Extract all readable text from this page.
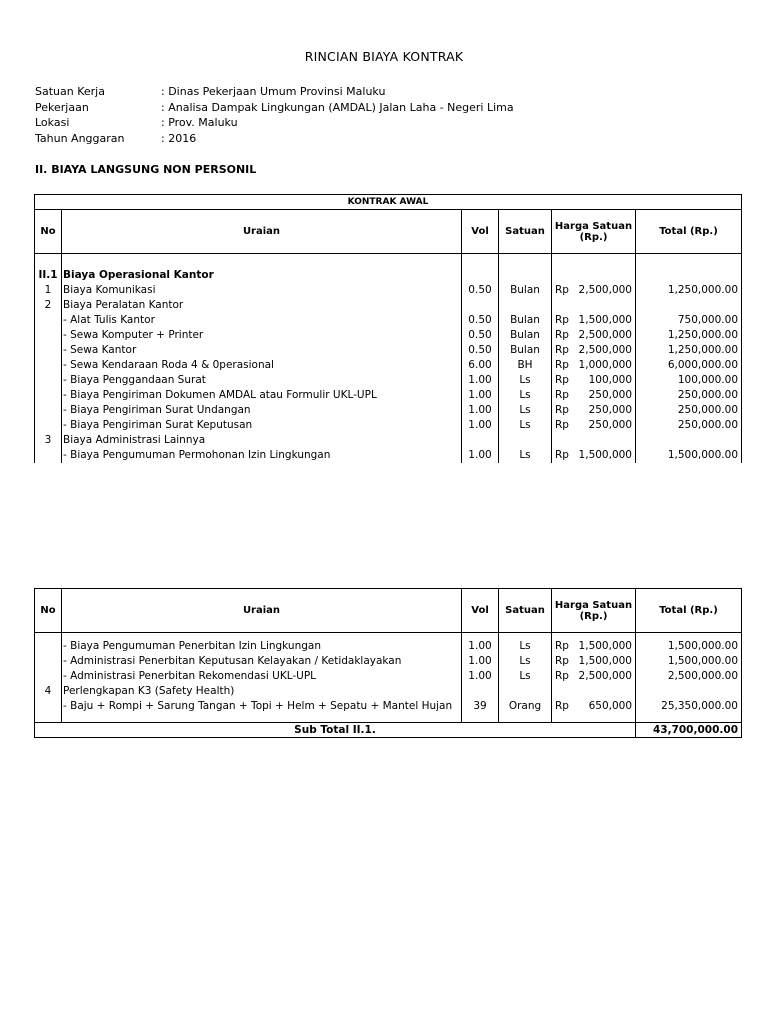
RINCIAN BIAYA KONTRAK
Satuan Kerja	: Dinas Pekerjaan Umum Provinsi Maluku
Pekerjaan	: Analisa Dampak Lingkungan (AMDAL) Jalan Laha - Negeri Lima
Lokasi	: Prov. Maluku
Tahun Anggaran	: 2016
II. BIAYA LANGSUNG NON PERSONIL
KONTRAK AWAL					
No	Uraian	Vol	Satuan	Harga Satuan (Rp.)	Total (Rp.)

II.1	Biaya Operasional Kantor			

1	Biaya Komunikasi	0.50	Bulan	Rp 2,500,000	1,250,000.00
2	Biaya Peralatan Kantor			

	- Alat Tulis Kantor	0.50	Bulan	Rp 1,500,000	750,000.00
	- Sewa Komputer + Printer	0.50	Bulan	Rp 2,500,000	1,250,000.00
	- Sewa Kantor	0.50	Bulan	Rp 2,500,000	1,250,000.00
	- Sewa Kendaraan Roda 4 & 0perasional	6.00	BH	Rp 1,000,000	6,000,000.00
	- Biaya Penggandaan Surat	1.00	Ls	Rp 100,000	100,000.00
	- Biaya Pengiriman Dokumen AMDAL atau Formulir UKL-UPL	1.00	Ls	Rp 250,000	250,000.00
	- Biaya Pengiriman Surat Undangan	1.00	Ls	Rp 250,000	250,000.00
	- Biaya Pengiriman Surat Keputusan	1.00	Ls	Rp 250,000	250,000.00
3	Biaya Administrasi Lainnya			

	- Biaya Pengumuman Permohonan Izin Lingkungan	1.00	Ls	Rp 1,500,000	1,500,000.00
No	Uraian	Vol	Satuan	Harga Satuan (Rp.)	Total (Rp.)

	- Biaya Pengumuman Penerbitan Izin Lingkungan	1.00	Ls	Rp 1,500,000	1,500,000.00
	- Administrasi Penerbitan Keputusan Kelayakan / Ketidaklayakan	1.00	Ls	Rp 1,500,000	1,500,000.00
	- Administrasi Penerbitan Rekomendasi UKL-UPL	1.00	Ls	Rp 2,500,000	2,500,000.00
4	Perlengkapan K3 (Safety Health)			

	- Baju + Rompi + Sarung Tangan + Topi + Helm + Sepatu + Mantel Hujan	39	Orang	Rp 650,000	25,350,000.00

Sub Total II.1.					43,700,000.00
